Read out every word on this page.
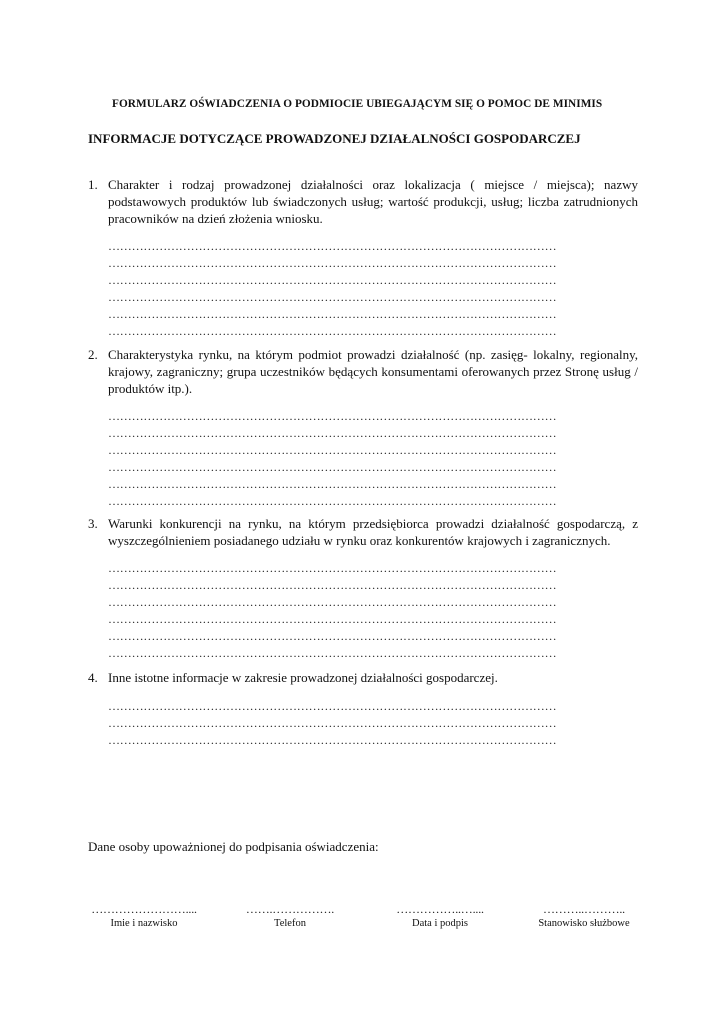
FORMULARZ OŚWIADCZENIA O PODMIOCIE UBIEGAJĄCYM SIĘ O POMOC DE MINIMIS
INFORMACJE DOTYCZĄCE PROWADZONEJ DZIAŁALNOŚCI GOSPODARCZEJ
1. Charakter i rodzaj prowadzonej działalności oraz lokalizacja ( miejsce / miejsca); nazwy podstawowych produktów lub świadczonych usług; wartość produkcji, usług; liczba zatrudnionych pracowników na dzień złożenia wniosku.
……………………………………………………………………………………………………
……………………………………………………………………………………………………
……………………………………………………………………………………………………
……………………………………………………………………………………………………
……………………………………………………………………………………………………
……………………………………………………………………………………………………
2. Charakterystyka rynku, na którym podmiot prowadzi działalność (np. zasięg- lokalny, regionalny, krajowy, zagraniczny; grupa uczestników będących konsumentami oferowanych przez Stronę usług / produktów itp.).
……………………………………………………………………………………………………
……………………………………………………………………………………………………
……………………………………………………………………………………………………
……………………………………………………………………………………………………
……………………………………………………………………………………………………
……………………………………………………………………………………………………
3. Warunki konkurencji na rynku, na którym przedsiębiorca prowadzi działalność gospodarczą, z wyszczególnieniem posiadanego udziału w rynku oraz konkurentów krajowych i zagranicznych.
……………………………………………………………………………………………………
……………………………………………………………………………………………………
……………………………………………………………………………………………………
……………………………………………………………………………………………………
……………………………………………………………………………………………………
……………………………………………………………………………………………………
4. Inne istotne informacje w zakresie prowadzonej działalności gospodarczej.
……………………………………………………………………………………………………
……………………………………………………………………………………………………
……………………………………………………………………………………………………
Dane osoby upoważnionej do podpisania oświadczenia:
……………………....
Imie i nazwisko
…….…………….
Telefon
……………..…....
Data i podpis
………..………..
Stanowisko służbowe
